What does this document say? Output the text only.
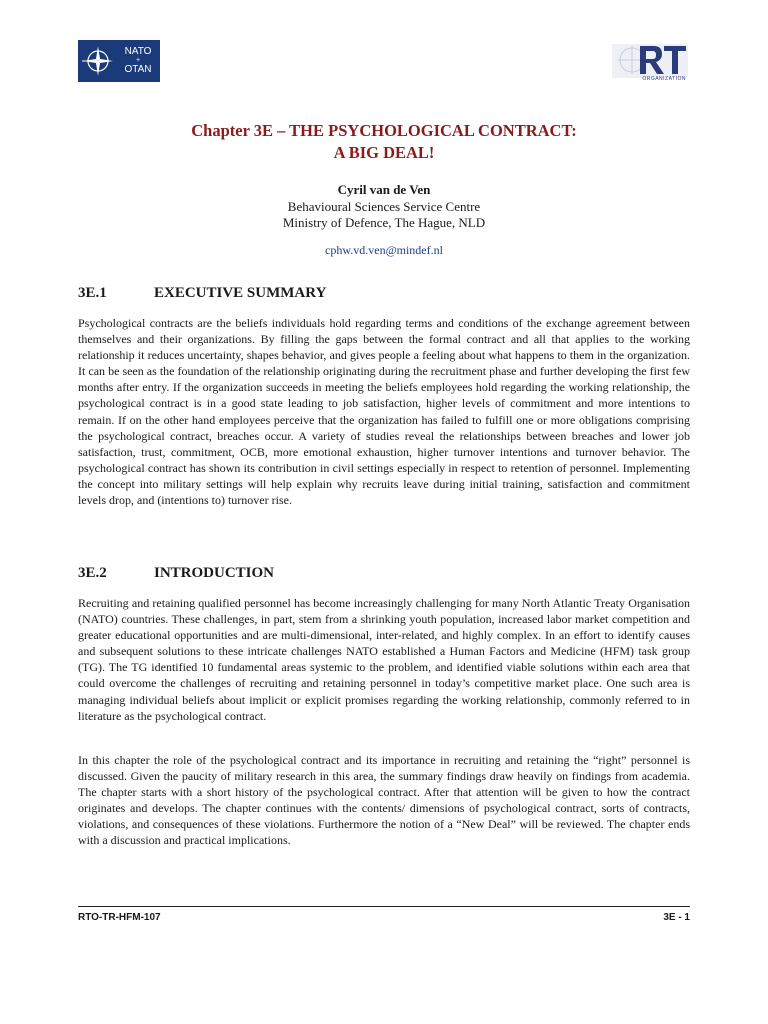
NATO
+
OTAN
ORGANIZATION
Chapter 3E – THE PSYCHOLOGICAL CONTRACT:
A BIG DEAL!
Cyril van de Ven
Behavioural Sciences Service Centre
Ministry of Defence, The Hague, NLD
cphw.vd.ven@mindef.nl
3E.1	EXECUTIVE SUMMARY

Psychological contracts are the beliefs individuals hold regarding terms and conditions of the exchange agreement between themselves and their organizations. By filling the gaps between the formal contract and all that applies to the working relationship it reduces uncertainty, shapes behavior, and gives people a feeling about what happens to them in the organization. It can be seen as the foundation of the relationship originating during the recruitment phase and further developing the first few months after entry. If the organization succeeds in meeting the beliefs employees hold regarding the working relationship, the psychological contract is in a good state leading to job satisfaction, higher levels of commitment and more intentions to remain. If on the other hand employees perceive that the organization has failed to fulfill one or more obligations comprising the psychological contract, breaches occur. A variety of studies reveal the relationships between breaches and lower job satisfaction, trust, commitment, OCB, more emotional exhaustion, higher turnover intentions and turnover behavior. The psychological contract has shown its contribution in civil settings especially in respect to retention of personnel. Implementing the concept into military settings will help explain why recruits leave during initial training, satisfaction and commitment levels drop, and (intentions to) turnover rise.

3E.2	INTRODUCTION

Recruiting and retaining qualified personnel has become increasingly challenging for many North Atlantic Treaty Organisation (NATO) countries. These challenges, in part, stem from a shrinking youth population, increased labor market competition and greater educational opportunities and are multi-dimensional, inter-related, and highly complex. In an effort to identify causes and subsequent solutions to these intricate challenges NATO established a Human Factors and Medicine (HFM) task group (TG). The TG identified 10 fundamental areas systemic to the problem, and identified viable solutions within each area that could overcome the challenges of recruiting and retaining personnel in today’s competitive market place. One such area is managing individual beliefs about implicit or explicit promises regarding the working relationship, commonly referred to in literature as the psychological contract.

In this chapter the role of the psychological contract and its importance in recruiting and retaining the “right” personnel is discussed. Given the paucity of military research in this area, the summary findings draw heavily on findings from academia. The chapter starts with a short history of the psychological contract. After that attention will be given to how the contract originates and develops. The chapter continues with the contents/ dimensions of psychological contract, sorts of contracts, violations, and consequences of these violations. Furthermore the notion of a “New Deal” will be reviewed. The chapter ends with a discussion and practical implications.

RTO-TR-HFM-107	3E - 1
